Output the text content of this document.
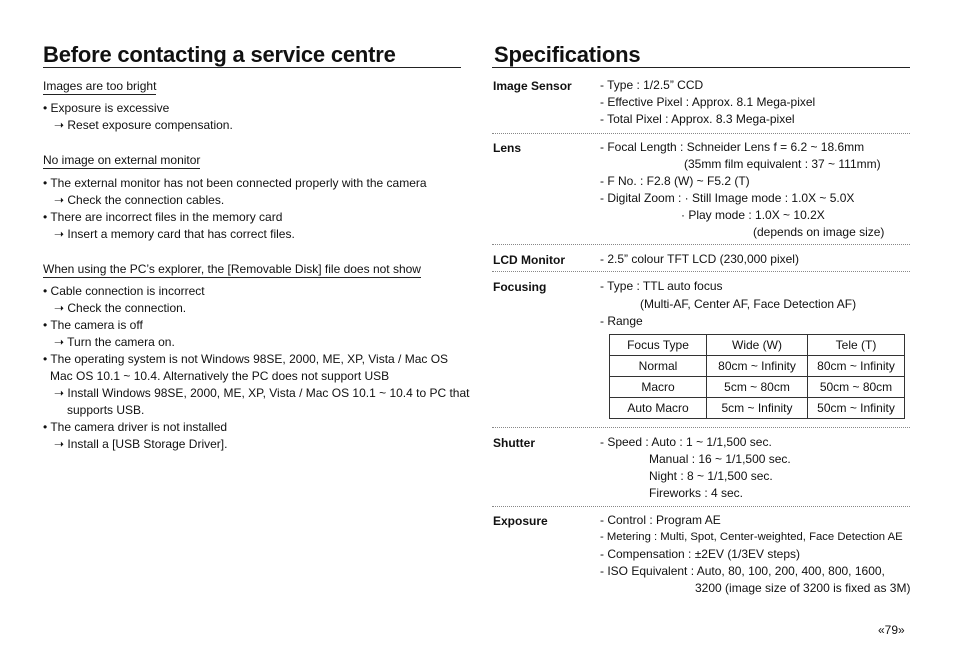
Before contacting a service centre
Images are too bright
• Exposure is excessive
➝ Reset exposure compensation.
No image on external monitor
• The external monitor has not been connected properly with the camera
➝ Check the connection cables.
• There are incorrect files in the memory card
➝ Insert a memory card that has correct files.
When using the PC’s explorer, the [Removable Disk] file does not show
• Cable connection is incorrect
➝ Check the connection.
• The camera is off
➝ Turn the camera on.
• The operating system is not Windows 98SE, 2000, ME, XP, Vista / Mac OS
Mac OS 10.1 ~ 10.4. Alternatively the PC does not support USB
➝ Install Windows 98SE, 2000, ME, XP, Vista / Mac OS 10.1 ~ 10.4 to PC that
supports USB.
• The camera driver is not installed
➝ Install a [USB Storage Driver].
Specifications
Image Sensor - Type : 1/2.5” CCD
- Effective Pixel : Approx. 8.1 Mega-pixel
- Total Pixel : Approx. 8.3 Mega-pixel
Lens	- Focal Length : Schneider Lens f = 6.2 ~ 18.6mm
(35mm film equivalent : 37 ~ 111mm)
- F No. : F2.8 (W) ~ F5.2 (T)
- Digital Zoom : · Still Image mode : 1.0X ~ 5.0X
· Play mode : 1.0X ~ 10.2X
(depends on image size)
LCD Monitor	- 2.5” colour TFT LCD (230,000 pixel)
Focusing	- Type : TTL auto focus
(Multi-AF, Center AF, Face Detection AF)
- Range
Focus Type	Wide (W)	Tele (T)
Normal	80cm ~ Infinity	80cm ~ Infinity
Macro	5cm ~ 80cm	50cm ~ 80cm
Auto Macro	5cm ~ Infinity	50cm ~ Infinity
Shutter	- Speed : Auto : 1 ~ 1/1,500 sec.
Manual : 16 ~ 1/1,500 sec.
Night : 8 ~ 1/1,500 sec.
Fireworks : 4 sec.
Exposure	- Control : Program AE
- Metering : Multi, Spot, Center-weighted, Face Detection AE
- Compensation : ±2EV (1/3EV steps)
- ISO Equivalent : Auto, 80, 100, 200, 400, 800, 1600,
3200 (image size of 3200 is fixed as 3M)
«79»
